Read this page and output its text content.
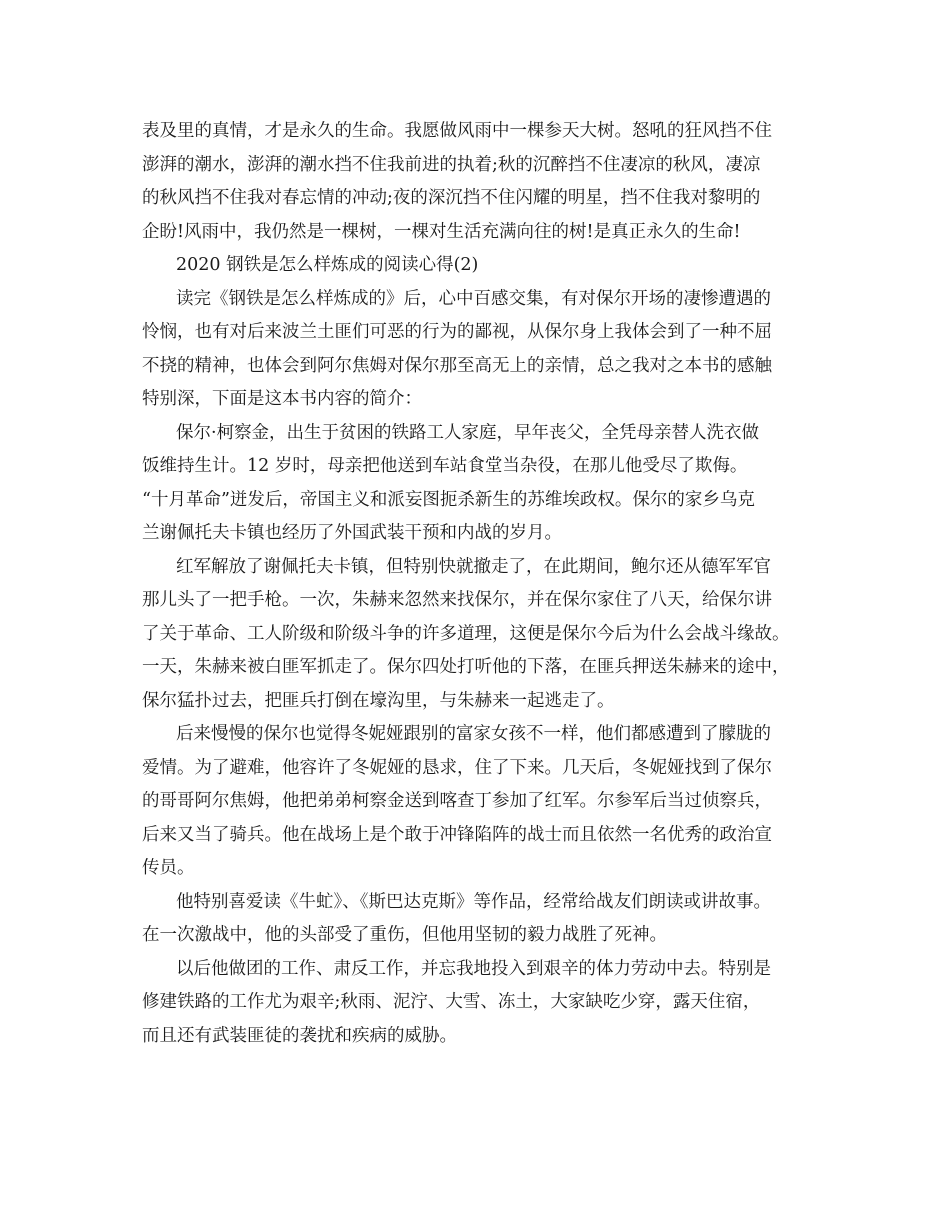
表及里的真情，才是永久的生命。我愿做风雨中一棵参天大树。怒吼的狂风挡不住
澎湃的潮水，澎湃的潮水挡不住我前进的执着;秋的沉醉挡不住凄凉的秋风，凄凉
的秋风挡不住我对春忘情的冲动;夜的深沉挡不住闪耀的明星，挡不住我对黎明的
企盼!风雨中，我仍然是一棵树，一棵对生活充满向往的树!是真正永久的生命!
2020 钢铁是怎么样炼成的阅读心得(2)
读完《钢铁是怎么样炼成的》后，心中百感交集，有对保尔开场的凄惨遭遇的
怜悯，也有对后来波兰土匪们可恶的行为的鄙视，从保尔身上我体会到了一种不屈
不挠的精神，也体会到阿尔焦姆对保尔那至高无上的亲情，总之我对之本书的感触
特别深，下面是这本书内容的简介：
保尔·柯察金，出生于贫困的铁路工人家庭，早年丧父，全凭母亲替人洗衣做
饭维持生计。12 岁时，母亲把他送到车站食堂当杂役，在那儿他受尽了欺侮。
“十月革命”迸发后，帝国主义和派妄图扼杀新生的苏维埃政权。保尔的家乡乌克
兰谢佩托夫卡镇也经历了外国武装干预和内战的岁月。
红军解放了谢佩托夫卡镇，但特别快就撤走了，在此期间，鲍尔还从德军军官
那儿头了一把手枪。一次，朱赫来忽然来找保尔，并在保尔家住了八天，给保尔讲
了关于革命、工人阶级和阶级斗争的许多道理，这便是保尔今后为什么会战斗缘故。
一天，朱赫来被白匪军抓走了。保尔四处打听他的下落，在匪兵押送朱赫来的途中，
保尔猛扑过去，把匪兵打倒在壕沟里，与朱赫来一起逃走了。
后来慢慢的保尔也觉得冬妮娅跟别的富家女孩不一样，他们都感遭到了朦胧的
爱情。为了避难，他容许了冬妮娅的恳求，住了下来。几天后，冬妮娅找到了保尔
的哥哥阿尔焦姆，他把弟弟柯察金送到喀查丁参加了红军。尔参军后当过侦察兵，
后来又当了骑兵。他在战场上是个敢于冲锋陷阵的战士而且依然一名优秀的政治宣
传员。
他特别喜爱读《牛虻》、《斯巴达克斯》等作品，经常给战友们朗读或讲故事。
在一次激战中，他的头部受了重伤，但他用坚韧的毅力战胜了死神。
以后他做团的工作、肃反工作，并忘我地投入到艰辛的体力劳动中去。特别是
修建铁路的工作尤为艰辛;秋雨、泥泞、大雪、冻土，大家缺吃少穿，露天住宿，
而且还有武装匪徒的袭扰和疾病的威胁。
